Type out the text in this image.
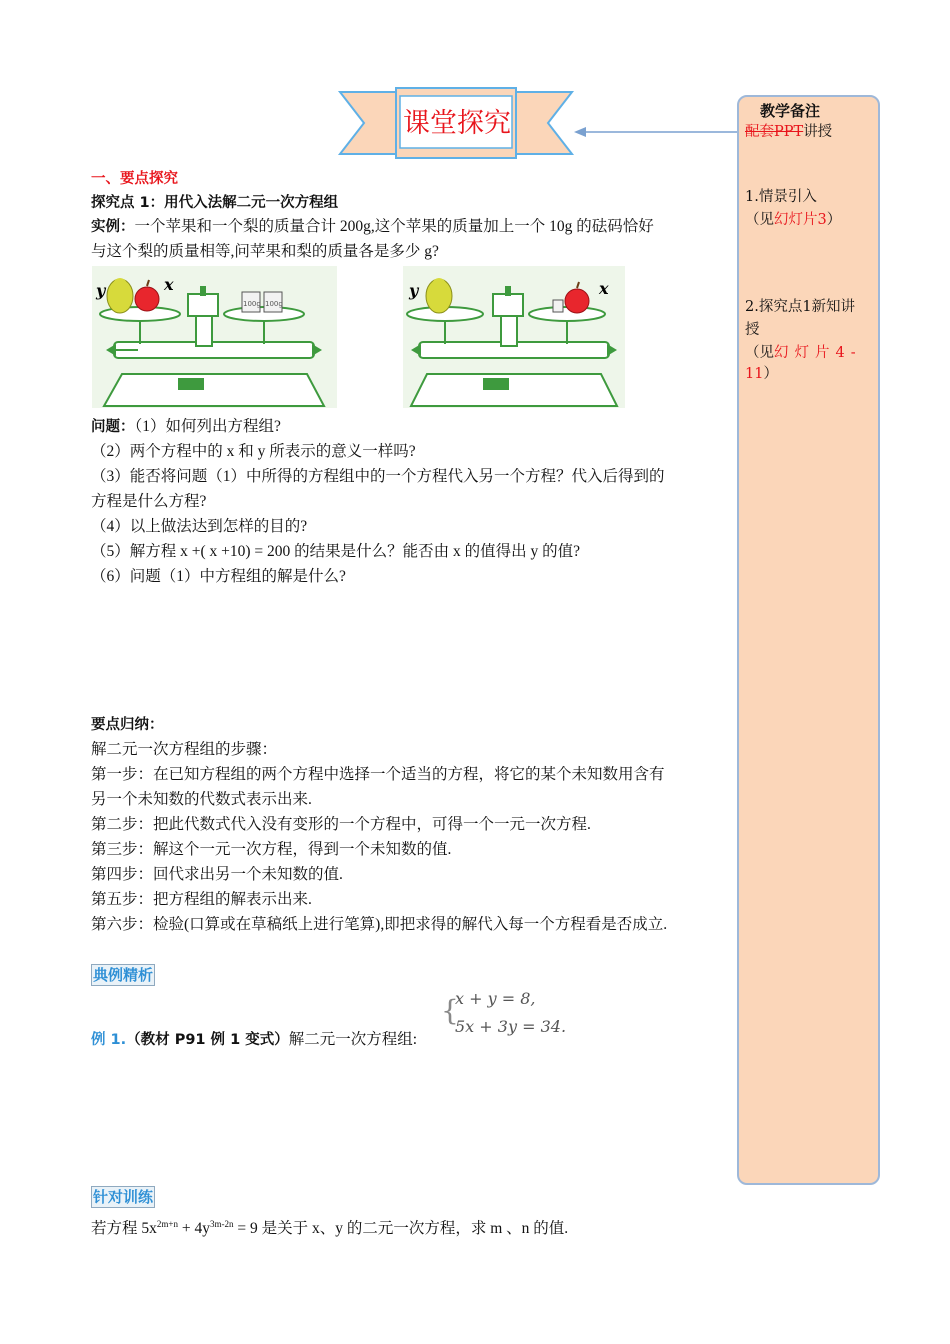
课堂探究	教学备注
配套PPT讲授
1.情景引入
（见幻灯片3）
2.探究点1新知讲
授
（见幻灯片4-
11）
一、要点探究
探究点 1：用代入法解二元一次方程组
实例：一个苹果和一个梨的质量合计 200g,这个苹果的质量加上一个 10g 的砝码恰好
与这个梨的质量相等,问苹果和梨的质量各是多少 g?
100g 100g
y	x	y	x
问题：（1）如何列出方程组?
（2）两个方程中的 x 和 y 所表示的意义一样吗?
（3）能否将问题（1）中所得的方程组中的一个方程代入另一个方程？代入后得到的
方程是什么方程?
（4）以上做法达到怎样的目的?
（5）解方程 x +( x +10) = 200 的结果是什么？能否由 x 的值得出 y 的值?
（6）问题（1）中方程组的解是什么?
要点归纳：
解二元一次方程组的步骤：
第一步：在已知方程组的两个方程中选择一个适当的方程，将它的某个未知数用含有
另一个未知数的代数式表示出来.
第二步：把此代数式代入没有变形的一个方程中，可得一个一元一次方程.
第三步：解这个一元一次方程，得到一个未知数的值.
第四步：回代求出另一个未知数的值.
第五步：把方程组的解表示出来.
第六步：检验(口算或在草稿纸上进行笔算),即把求得的解代入每一个方程看是否成立.
典例精析
{
x + y = 8,
5x + 3y = 34.
例 1.（教材 P91 例 1 变式）解二元一次方程组:
针对训练
若方程 $5x^{2m+n} + 4y^{3m-2n} = 9$ 是关于 x、y 的二元一次方程，求 m 、n 的值.
